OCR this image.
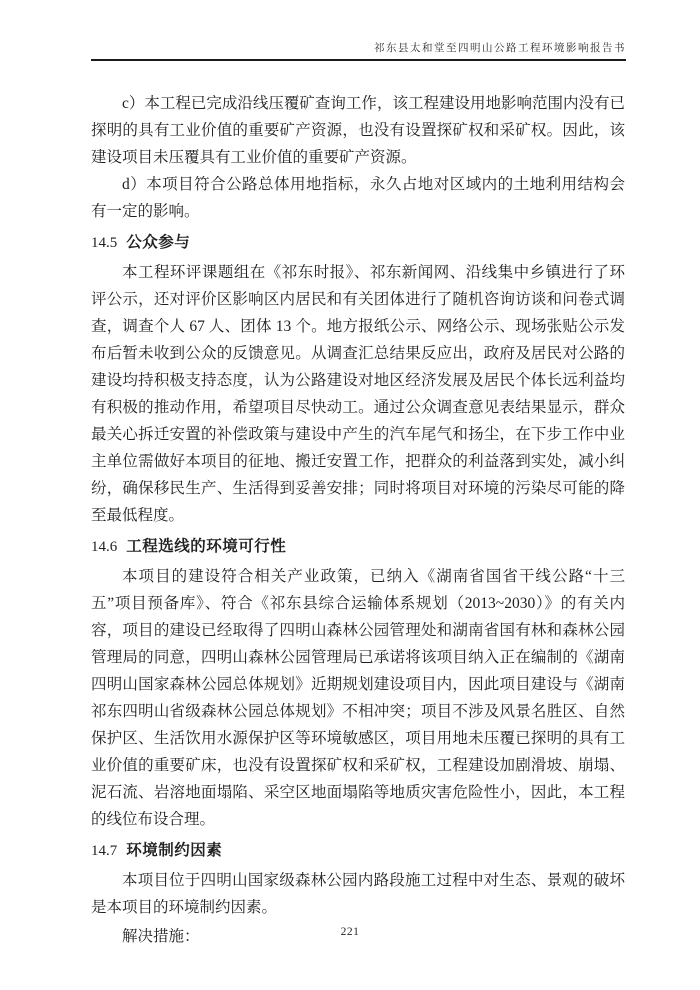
祁东县太和堂至四明山公路工程环境影响报告书

c）本工程已完成沿线压覆矿查询工作，该工程建设用地影响范围内没有已探明的具有工业价值的重要矿产资源，也没有设置探矿权和采矿权。因此，该建设项目未压覆具有工业价值的重要矿产资源。

d）本项目符合公路总体用地指标，永久占地对区域内的土地利用结构会有一定的影响。

14.5 公众参与

本工程环评课题组在《祁东时报》、祁东新闻网、沿线集中乡镇进行了环评公示，还对评价区影响区内居民和有关团体进行了随机咨询访谈和问卷式调查，调查个人 67 人、团体 13 个。地方报纸公示、网络公示、现场张贴公示发布后暂未收到公众的反馈意见。从调查汇总结果反应出，政府及居民对公路的建设均持积极支持态度，认为公路建设对地区经济发展及居民个体长远利益均有积极的推动作用，希望项目尽快动工。通过公众调查意见表结果显示，群众最关心拆迁安置的补偿政策与建设中产生的汽车尾气和扬尘，在下步工作中业主单位需做好本项目的征地、搬迁安置工作，把群众的利益落到实处，减小纠纷，确保移民生产、生活得到妥善安排；同时将项目对环境的污染尽可能的降至最低程度。

14.6 工程选线的环境可行性

本项目的建设符合相关产业政策，已纳入《湖南省国省干线公路“十三五”项目预备库》、符合《祁东县综合运输体系规划（2013~2030）》的有关内容，项目的建设已经取得了四明山森林公园管理处和湖南省国有林和森林公园管理局的同意，四明山森林公园管理局已承诺将该项目纳入正在编制的《湖南四明山国家森林公园总体规划》近期规划建设项目内，因此项目建设与《湖南祁东四明山省级森林公园总体规划》不相冲突；项目不涉及风景名胜区、自然保护区、生活饮用水源保护区等环境敏感区，项目用地未压覆已探明的具有工业价值的重要矿床，也没有设置探矿权和采矿权，工程建设加剧滑坡、崩塌、泥石流、岩溶地面塌陷、采空区地面塌陷等地质灾害危险性小，因此，本工程的线位布设合理。

14.7 环境制约因素

本项目位于四明山国家级森林公园内路段施工过程中对生态、景观的破坏是本项目的环境制约因素。

解决措施：	221
